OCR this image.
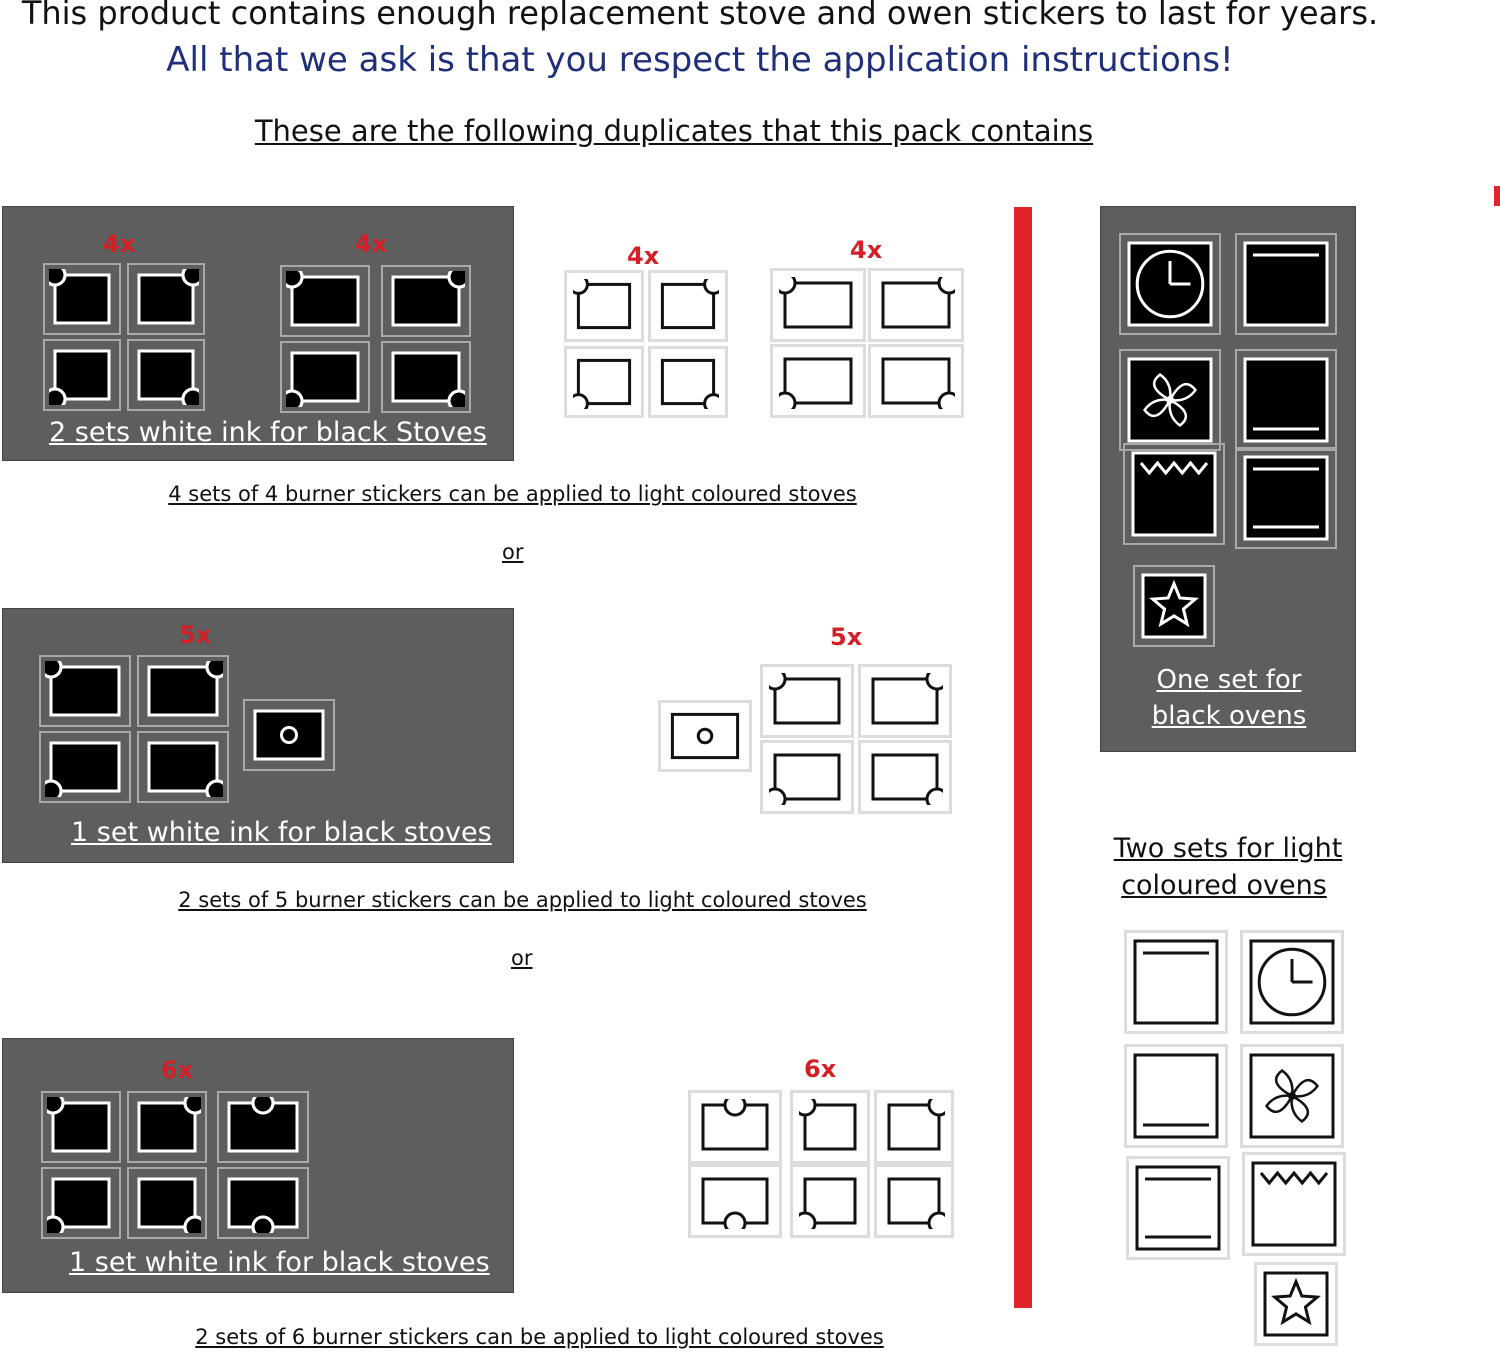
This product contains enough replacement stove and owen stickers to last for years.
All that we ask is that you respect the application instructions!
These are the following duplicates that this pack contains
4x	4x
2 sets white ink for black Stoves
4x	4x
4 sets of 4 burner stickers can be applied to light coloured stoves
or
5x
1 set white ink for black stoves
5x
2 sets of 5 burner stickers can be applied to light coloured stoves
or
6x
1 set white ink for black stoves
6x
2 sets of 6 burner stickers can be applied to light coloured stoves
One set for
black ovens
Two sets for light
coloured ovens
